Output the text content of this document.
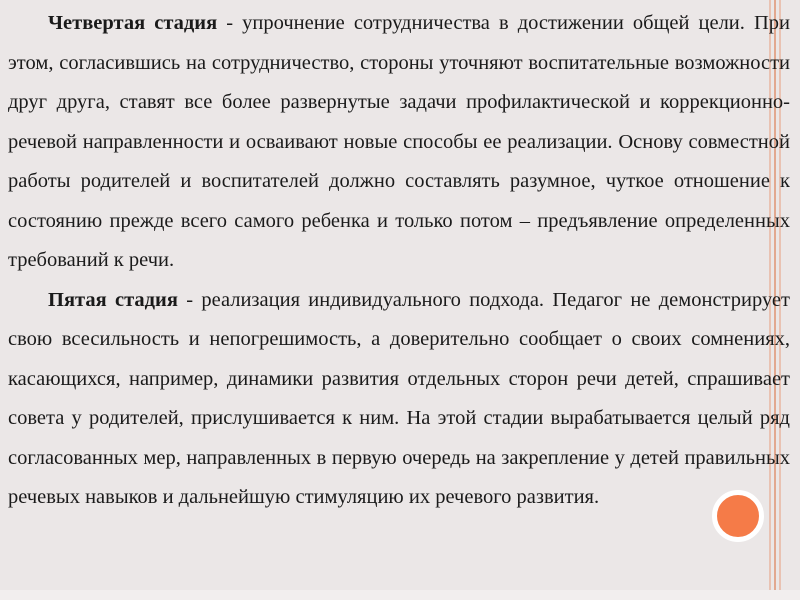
Четвертая стадия - упрочнение сотрудничества в достижении общей цели. При этом, согласившись на сотрудничество, стороны уточняют воспитательные возможности друг друга, ставят все более развернутые задачи профилактической и коррекционно-речевой направленности и осваивают новые способы ее реализации. Основу совместной работы родителей и воспитателей должно составлять разумное, чуткое отношение к состоянию прежде всего самого ребенка и только потом – предъявление определенных требований к речи.

Пятая стадия - реализация индивидуального подхода. Педагог не демонстрирует свою всесильность и непогрешимость, а доверительно сообщает о своих сомнениях, касающихся, например, динамики развития отдельных сторон речи детей, спрашивает совета у родителей, прислушивается к ним. На этой стадии вырабатывается целый ряд согласованных мер, направленных в первую очередь на закрепление у детей правильных речевых навыков и дальнейшую стимуляцию их речевого развития.
